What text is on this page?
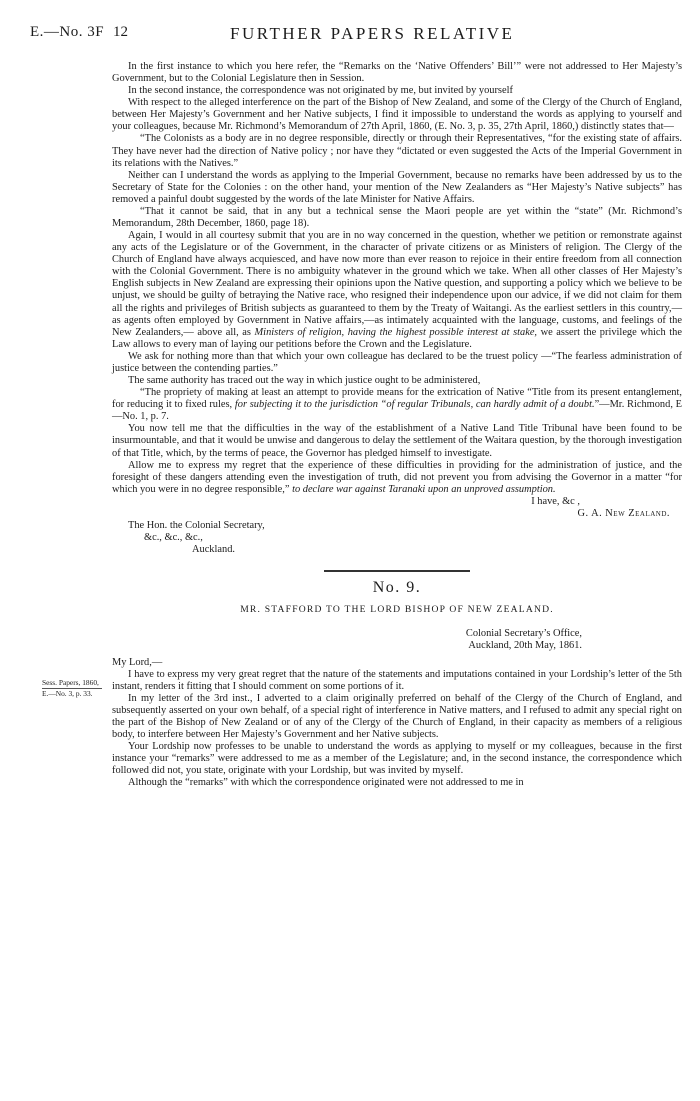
E.—No. 3F 12	FURTHER PAPERS RELATIVE
Sess. Papers, 1860,
E.—No. 3, p. 33.

In the first instance to which you here refer, the “Remarks on the ‘Native Offenders’ Bill’” were not addressed to Her Majesty’s Government, but to the Colonial Legislature then in Session.

In the second instance, the correspondence was not originated by me, but invited by yourself

With respect to the alleged interference on the part of the Bishop of New Zealand, and some of the Clergy of the Church of England, between Her Majesty’s Government and her Native subjects, I find it impossible to understand the words as applying to yourself and your colleagues, because Mr. Richmond’s Memorandum of 27th April, 1860, (E. No. 3, p. 35, 27th April, 1860,) distinctly states that—

“The Colonists as a body are in no degree responsible, directly or through their Representatives, “for the existing state of affairs. They have never had the direction of Native policy ; nor have they “dictated or even suggested the Acts of the Imperial Government in its relations with the Natives.”

Neither can I understand the words as applying to the Imperial Government, because no remarks have been addressed by us to the Secretary of State for the Colonies : on the other hand, your mention of the New Zealanders as “Her Majesty’s Native subjects” has removed a painful doubt suggested by the words of the late Minister for Native Affairs.

“That it cannot be said, that in any but a technical sense the Maori people are yet within the “state” (Mr. Richmond’s Memorandum, 28th December, 1860, page 18).

Again, I would in all courtesy submit that you are in no way concerned in the question, whether we petition or remonstrate against any acts of the Legislature or of the Government, in the character of private citizens or as Ministers of religion. The Clergy of the Church of England have always acquiesced, and have now more than ever reason to rejoice in their entire freedom from all connection with the Colonial Government. There is no ambiguity whatever in the ground which we take. When all other classes of Her Majesty’s English subjects in New Zealand are expressing their opinions upon the Native question, and supporting a policy which we believe to be unjust, we should be guilty of betraying the Native race, who resigned their independence upon our advice, if we did not claim for them all the rights and privileges of British subjects as guaranteed to them by the Treaty of Waitangi. As the earliest settlers in this country,—as agents often employed by Government in Native affairs,—as intimately acquainted with the language, customs, and feelings of the New Zealanders,— above all, as Ministers of religion, having the highest possible interest at stake, we assert the privilege which the Law allows to every man of laying our petitions before the Crown and the Legislature.

We ask for nothing more than that which your own colleague has declared to be the truest policy —“The fearless administration of justice between the contending parties.”

The same authority has traced out the way in which justice ought to be administered,

“The propriety of making at least an attempt to provide means for the extrication of Native “Title from its present entanglement, for reducing it to fixed rules, for subjecting it to the jurisdiction “of regular Tribunals, can hardly admit of a doubt.”—Mr. Richmond, E—No. 1, p. 7.

You now tell me that the difficulties in the way of the establishment of a Native Land Title Tribunal have been found to be insurmountable, and that it would be unwise and dangerous to delay the settlement of the Waitara question, by the thorough investigation of that Title, which, by the terms of peace, the Governor has pledged himself to investigate.

Allow me to express my regret that the experience of these difficulties in providing for the administration of justice, and the foresight of these dangers attending even the investigation of truth, did not prevent you from advising the Governor in a matter “for which you were in no degree responsible,” to declare war against Taranaki upon an unproved assumption.

I have, &c ,

G. A. New Zealand.

The Hon. the Colonial Secretary,

&c., &c., &c.,

Auckland.

No. 9.
MR. STAFFORD TO THE LORD BISHOP OF NEW ZEALAND.
Colonial Secretary’s Office,
Auckland, 20th May, 1861.

My Lord,—

I have to express my very great regret that the nature of the statements and imputations contained in your Lordship’s letter of the 5th instant, renders it fitting that I should comment on some portions of it.

In my letter of the 3rd inst., I adverted to a claim originally preferred on behalf of the Clergy of the Church of England, and subsequently asserted on your own behalf, of a special right of interference in Native matters, and I refused to admit any special right on the part of the Bishop of New Zealand or of any of the Clergy of the Church of England, in their capacity as members of a religious body, to interfere between Her Majesty’s Government and her Native subjects.

Your Lordship now professes to be unable to understand the words as applying to myself or my colleagues, because in the first instance your “remarks” were addressed to me as a member of the Legislature; and, in the second instance, the correspondence which followed did not, you state, originate with your Lordship, but was invited by myself.

Although the “remarks” with which the correspondence originated were not addressed to me in
